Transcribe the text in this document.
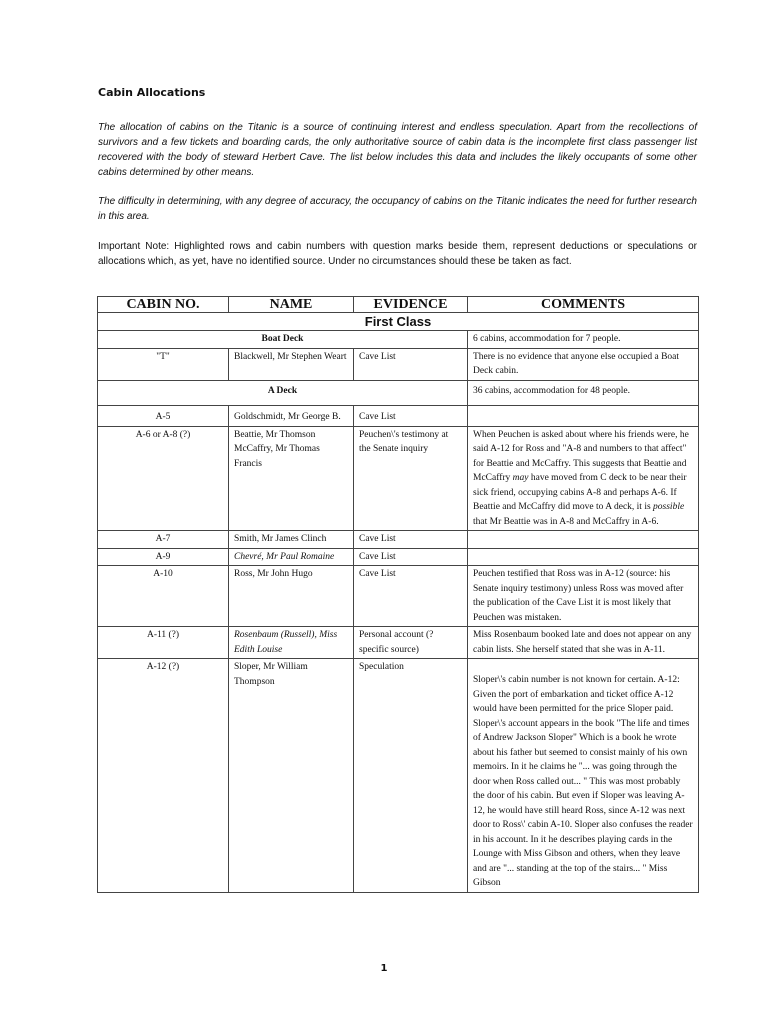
Cabin Allocations

The allocation of cabins on the Titanic is a source of continuing interest and endless speculation. Apart from the recollections of survivors and a few tickets and boarding cards, the only authoritative source of cabin data is the incomplete first class passenger list recovered with the body of steward Herbert Cave. The list below includes this data and includes the likely occupants of some other cabins determined by other means.

The difficulty in determining, with any degree of accuracy, the occupancy of cabins on the Titanic indicates the need for further research in this area.

Important Note: Highlighted rows and cabin numbers with question marks beside them, represent deductions or speculations or allocations which, as yet, have no identified source. Under no circumstances should these be taken as fact.

CABIN NO.	NAME	EVIDENCE	COMMENTS
First Class			
Boat Deck			6 cabins, accommodation for 7 people.
"T"	Blackwell, Mr Stephen Weart	Cave List	There is no evidence that anyone else occupied a Boat Deck cabin.
A Deck			36 cabins, accommodation for 48 people.
A-5	Goldschmidt, Mr George B.	Cave List	
A-6 or A-8 (?)	Beattie, Mr Thomson McCaffry, Mr Thomas Francis	Peuchen\'s testimony at the Senate inquiry	When Peuchen is asked about where his friends were, he said A-12 for Ross and "A-8 and numbers to that affect" for Beattie and McCaffry. This suggests that Beattie and McCaffry may have moved from C deck to be near their sick friend, occupying cabins A-8 and perhaps A-6. If Beattie and McCaffry did move to A deck, it is possible that Mr Beattie was in A-8 and McCaffry in A-6.
A-7	Smith, Mr James Clinch	Cave List	
A-9	Chevré, Mr Paul Romaine	Cave List	
A-10	Ross, Mr John Hugo	Cave List	Peuchen testified that Ross was in A-12 (source: his Senate inquiry testimony) unless Ross was moved after the publication of the Cave List it is most likely that Peuchen was mistaken.
A-11 (?)	Rosenbaum (Russell), Miss Edith Louise	Personal account (? specific source)	Miss Rosenbaum booked late and does not appear on any cabin lists. She herself stated that she was in A-11.
A-12 (?)	Sloper, Mr William Thompson	Speculation	Sloper\'s cabin number is not known for certain. A-12: Given the port of embarkation and ticket office A-12 would have been permitted for the price Sloper paid. Sloper\'s account appears in the book "The life and times of Andrew Jackson Sloper" Which is a book he wrote about his father but seemed to consist mainly of his own memoirs. In it he claims he "... was going through the door when Ross called out... " This was most probably the door of his cabin. But even if Sloper was leaving A-12, he would have still heard Ross, since A-12 was next door to Ross\' cabin A-10. Sloper also confuses the reader in his account. In it he describes playing cards in the Lounge with Miss Gibson and others, when they leave and are "... standing at the top of the stairs... " Miss Gibson
1
